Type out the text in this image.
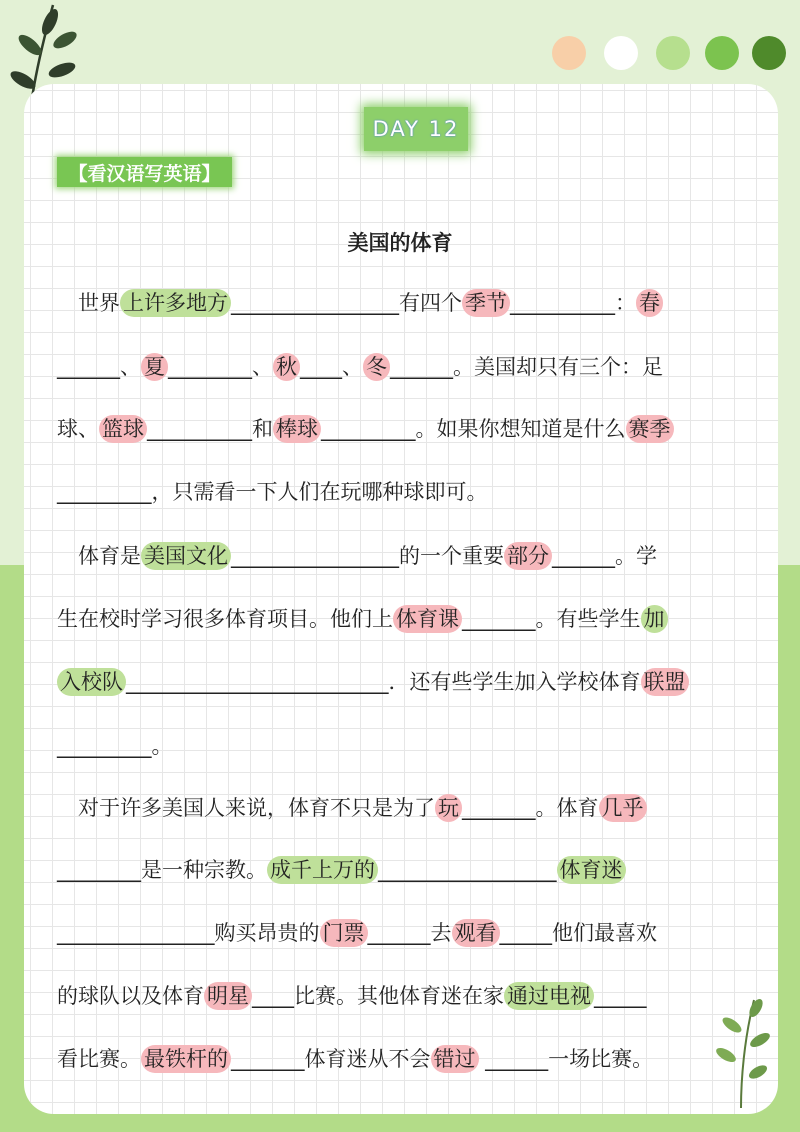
DAY 12
【看汉语写英语】
美国的体育
　世界 上许多地方 ________________有四个 季节 __________： 春
______、 夏 ________、 秋 ____、 冬 ______。美国却只有三个：足
球、 篮球 __________和 棒球 _________。如果你想知道是什么 赛季
_________，只需看一下人们在玩哪种球即可。
　体育是 美国文化 ________________的一个重要 部分 ______。学
生在校时学习很多体育项目。他们上 体育课 _______。有些学生 加
入校队 _________________________．还有些学生加入学校体育 联盟
_________。
　对于许多美国人来说，体育不只是为了 玩 _______。体育 几乎
________是一种宗教。 成千上万的 _________________ 体育迷
_______________购买昂贵的 门票 ______去 观看 _____他们最喜欢
的球队以及体育 明星 ____比赛。其他体育迷在家 通过电视 _____
看比赛。 最铁杆的 _______体育迷从不会 错过 ______一场比赛。
